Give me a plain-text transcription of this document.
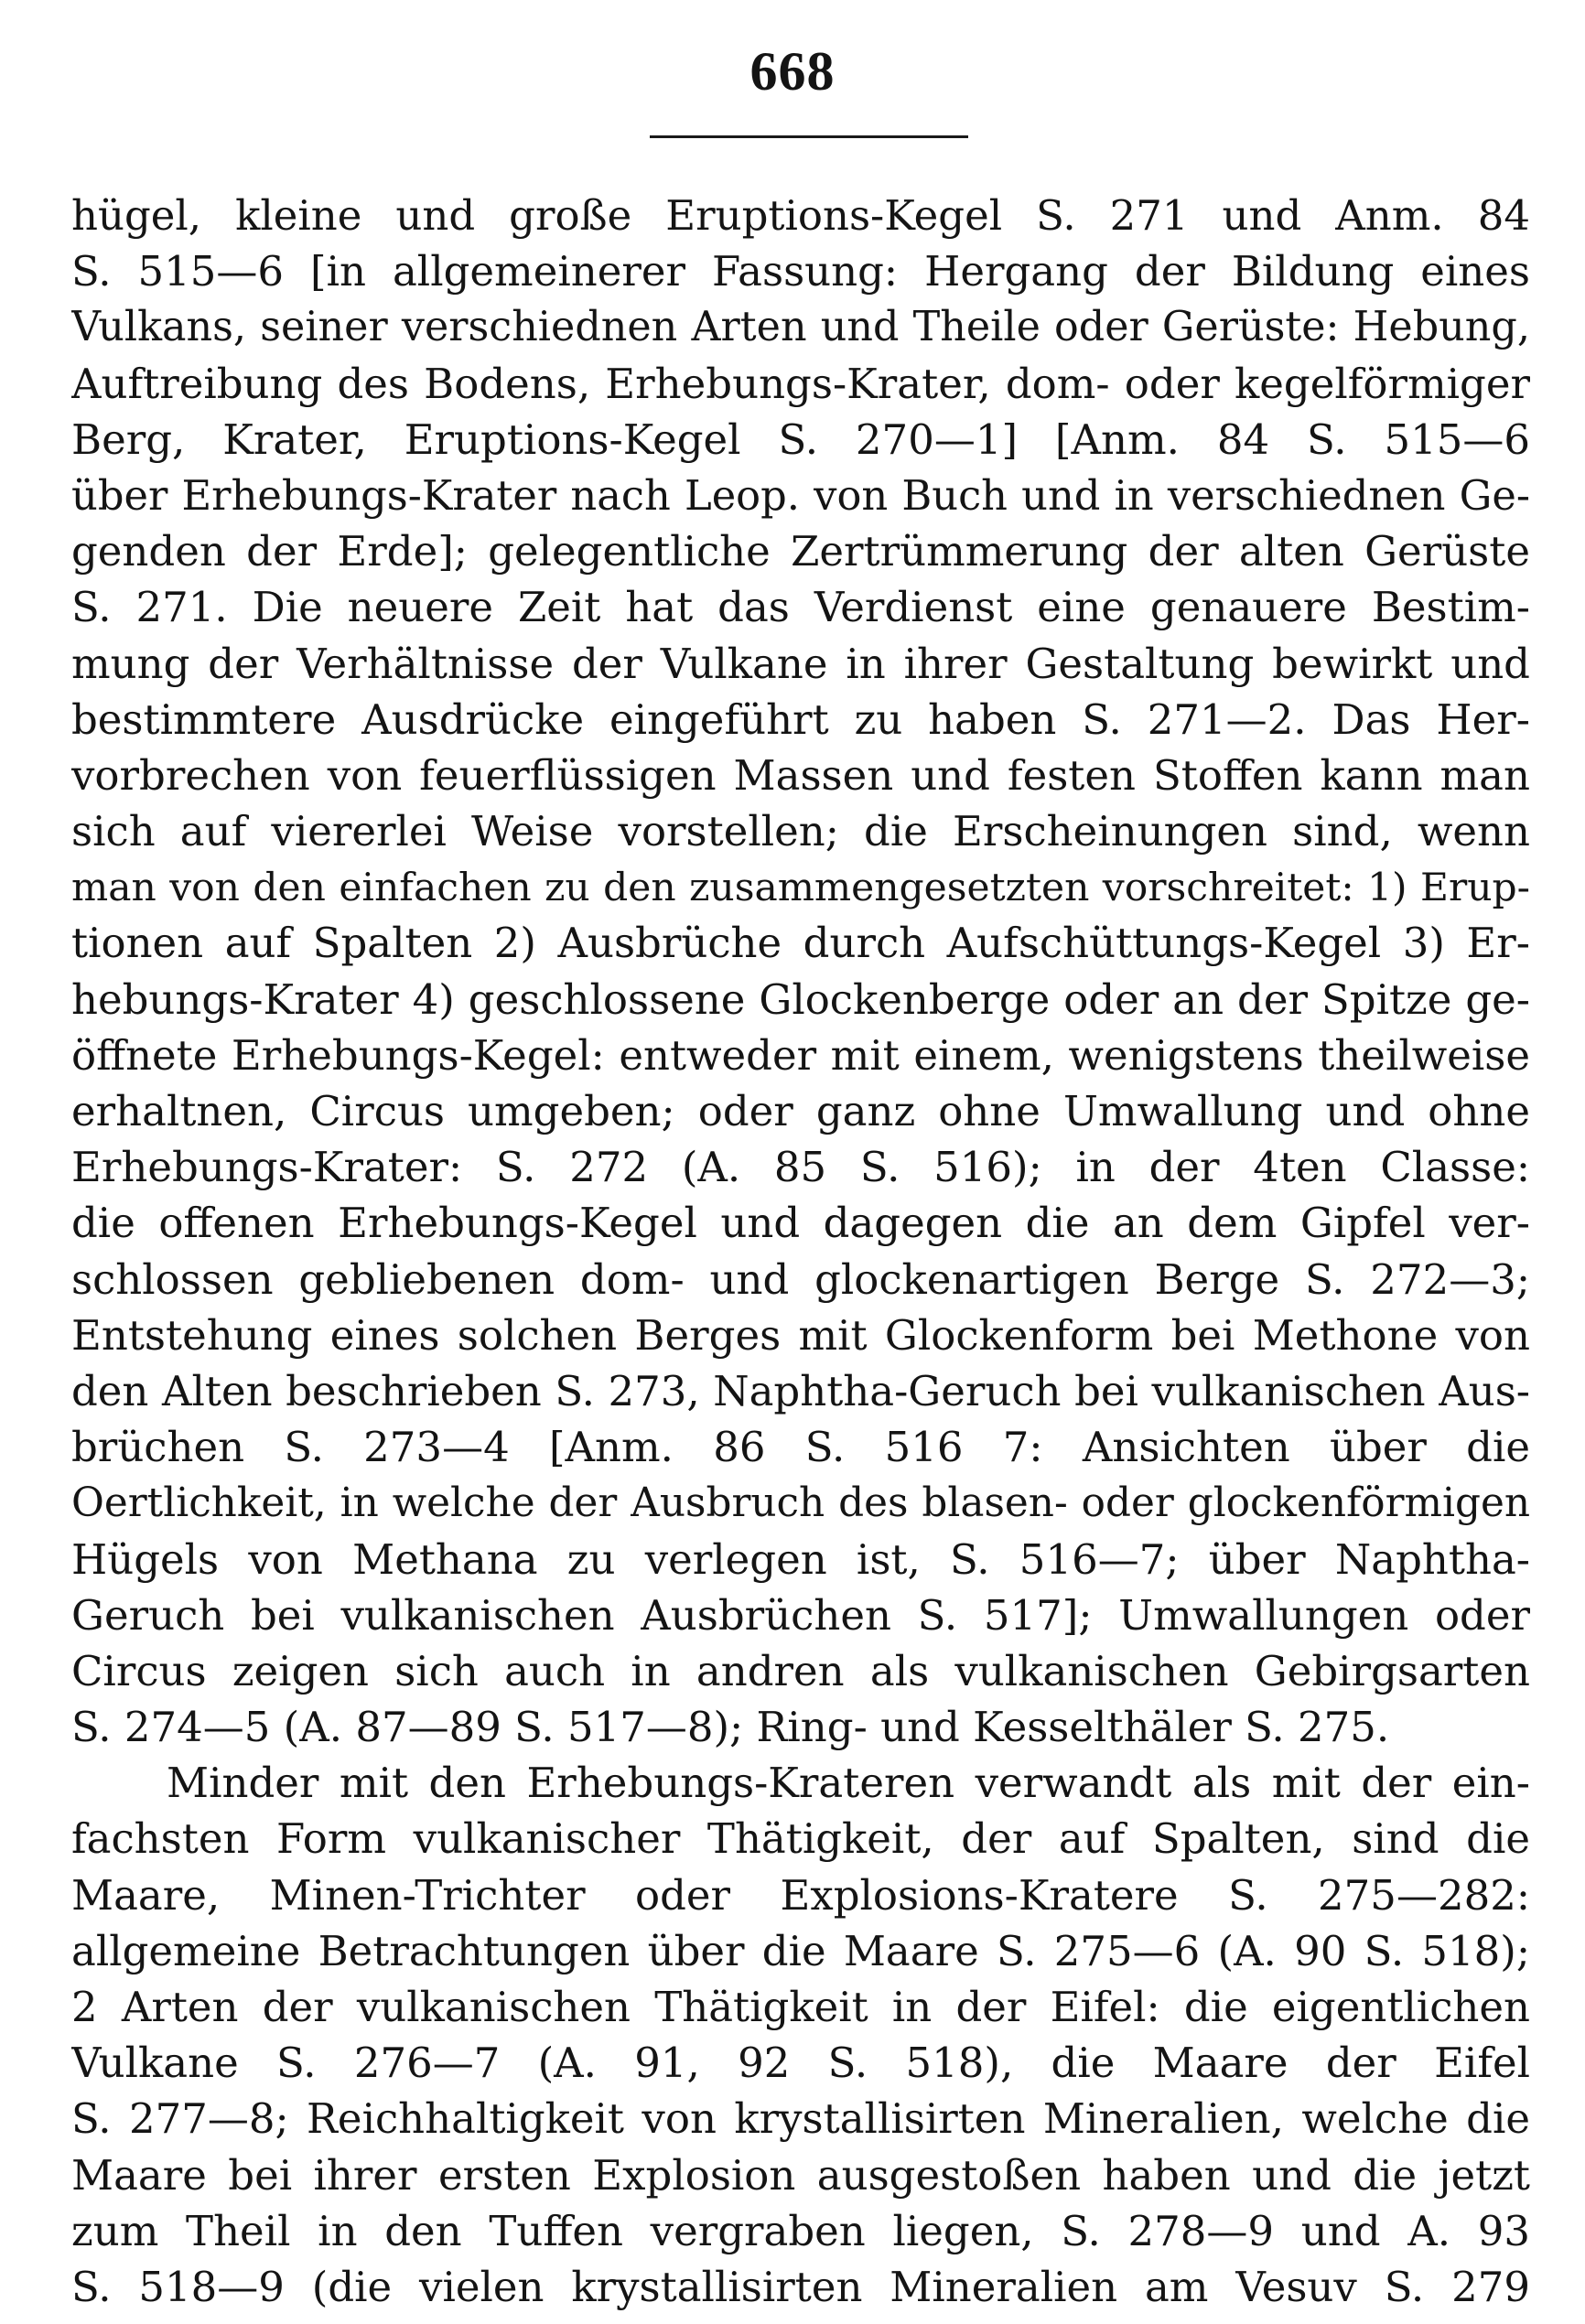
668
hügel, kleine und große Eruptions-Kegel S. 271 und Anm. 84
S. 515—6 [in allgemeinerer Fassung: Hergang der Bildung eines
Vulkans, seiner verschiednen Arten und Theile oder Gerüste: Hebung,
Auftreibung des Bodens, Erhebungs-Krater, dom- oder kegelförmiger
Berg, Krater, Eruptions-Kegel S. 270—1] [Anm. 84 S. 515—6
über Erhebungs-Krater nach Leop. von Buch und in verschiednen Ge-
genden der Erde]; gelegentliche Zertrümmerung der alten Gerüste
S. 271. Die neuere Zeit hat das Verdienst eine genauere Bestim-
mung der Verhältnisse der Vulkane in ihrer Gestaltung bewirkt und
bestimmtere Ausdrücke eingeführt zu haben S. 271—2. Das Her-
vorbrechen von feuerflüssigen Massen und festen Stoffen kann man
sich auf viererlei Weise vorstellen; die Erscheinungen sind, wenn
man von den einfachen zu den zusammengesetzten vorschreitet: 1) Erup-
tionen auf Spalten 2) Ausbrüche durch Aufschüttungs-Kegel 3) Er-
hebungs-Krater 4) geschlossene Glockenberge oder an der Spitze ge-
öffnete Erhebungs-Kegel: entweder mit einem, wenigstens theilweise
erhaltnen, Circus umgeben; oder ganz ohne Umwallung und ohne
Erhebungs-Krater: S. 272 (A. 85 S. 516); in der 4ten Classe:
die offenen Erhebungs-Kegel und dagegen die an dem Gipfel ver-
schlossen gebliebenen dom- und glockenartigen Berge S. 272—3;
Entstehung eines solchen Berges mit Glockenform bei Methone von
den Alten beschrieben S. 273, Naphtha-Geruch bei vulkanischen Aus-
brüchen S. 273—4 [Anm. 86 S. 516 7: Ansichten über die
Oertlichkeit, in welche der Ausbruch des blasen- oder glockenförmigen
Hügels von Methana zu verlegen ist, S. 516—7; über Naphtha-
Geruch bei vulkanischen Ausbrüchen S. 517]; Umwallungen oder
Circus zeigen sich auch in andren als vulkanischen Gebirgsarten
S. 274—5 (A. 87—89 S. 517—8); Ring- und Kesselthäler S. 275.
Minder mit den Erhebungs-Krateren verwandt als mit der ein-
fachsten Form vulkanischer Thätigkeit, der auf Spalten, sind die
Maare, Minen-Trichter oder Explosions-Kratere S. 275—282:
allgemeine Betrachtungen über die Maare S. 275—6 (A. 90 S. 518);
2 Arten der vulkanischen Thätigkeit in der Eifel: die eigentlichen
Vulkane S. 276—7 (A. 91, 92 S. 518), die Maare der Eifel
S. 277—8; Reichhaltigkeit von krystallisirten Mineralien, welche die
Maare bei ihrer ersten Explosion ausgestoßen haben und die jetzt
zum Theil in den Tuffen vergraben liegen, S. 278—9 und A. 93
S. 518—9 (die vielen krystallisirten Mineralien am Vesuv S. 279
